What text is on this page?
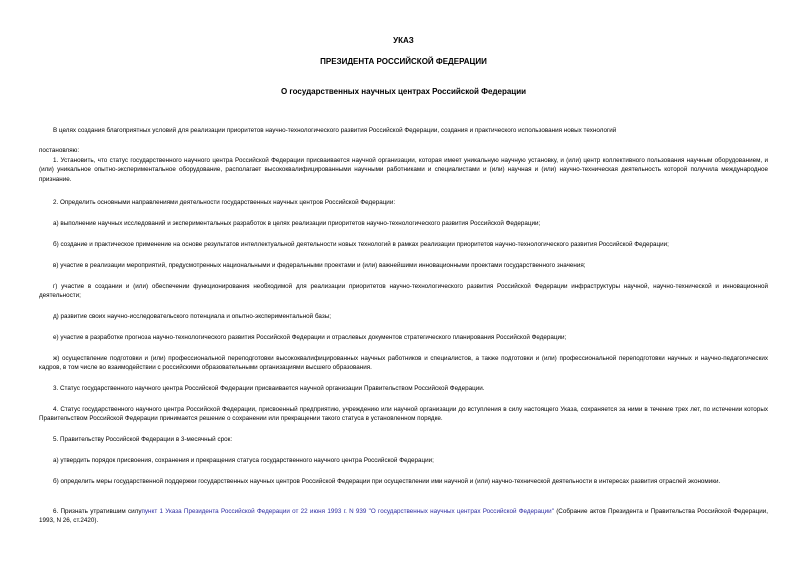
УКАЗ
ПРЕЗИДЕНТА РОССИЙСКОЙ ФЕДЕРАЦИИ
О государственных научных центрах Российской Федерации
В целях создания благоприятных условий для реализации приоритетов научно-технологического развития Российской Федерации, создания и практического использования новых технологий
постановляю:
1. Установить, что статус государственного научного центра Российской Федерации присваивается научной организации, которая имеет уникальную научную установку, и (или) центр коллективного пользования научным оборудованием, и (или) уникальное опытно-экспериментальное оборудование, располагает высококвалифицированными научными работниками и специалистами и (или) научная и (или) научно-техническая деятельность которой получила международное признание.
2. Определить основными направлениями деятельности государственных научных центров Российской Федерации:
а) выполнение научных исследований и экспериментальных разработок в целях реализации приоритетов научно-технологического развития Российской Федерации;
б) создание и практическое применение на основе результатов интеллектуальной деятельности новых технологий в рамках реализации приоритетов научно-технологического развития Российской Федерации;
в) участие в реализации мероприятий, предусмотренных национальными и федеральными проектами и (или) важнейшими инновационными проектами государственного значения;
г) участие в создании и (или) обеспечении функционирования необходимой для реализации приоритетов научно-технологического развития Российской Федерации инфраструктуры научной, научно-технической и инновационной деятельности;
д) развитие своих научно-исследовательского потенциала и опытно-экспериментальной базы;
е) участие в разработке прогноза научно-технологического развития Российской Федерации и отраслевых документов стратегического планирования Российской Федерации;
ж) осуществление подготовки и (или) профессиональной переподготовки высококвалифицированных научных работников и специалистов, а также подготовки и (или) профессиональной переподготовки научных и научно-педагогических кадров, в том числе во взаимодействии с российскими образовательными организациями высшего образования.
3. Статус государственного научного центра Российской Федерации присваивается научной организации Правительством Российской Федерации.
4. Статус государственного научного центра Российской Федерации, присвоенный предприятию, учреждению или научной организации до вступления в силу настоящего Указа, сохраняется за ними в течение трех лет, по истечении которых Правительством Российской Федерации принимается решение о сохранении или прекращении такого статуса в установленном порядке.
5. Правительству Российской Федерации в 3-месячный срок:
а) утвердить порядок присвоения, сохранения и прекращения статуса государственного научного центра Российской Федерации;
б) определить меры государственной поддержки государственных научных центров Российской Федерации при осуществлении ими научной и (или) научно-технической деятельности в интересах развития отраслей экономики.
6. Признать утратившим силупункт 1 Указа Президента Российской Федерации от 22 июня 1993 г. N 939 "О государственных научных центрах Российской Федерации" (Собрание актов Президента и Правительства Российской Федерации, 1993, N 26, ст.2420).
